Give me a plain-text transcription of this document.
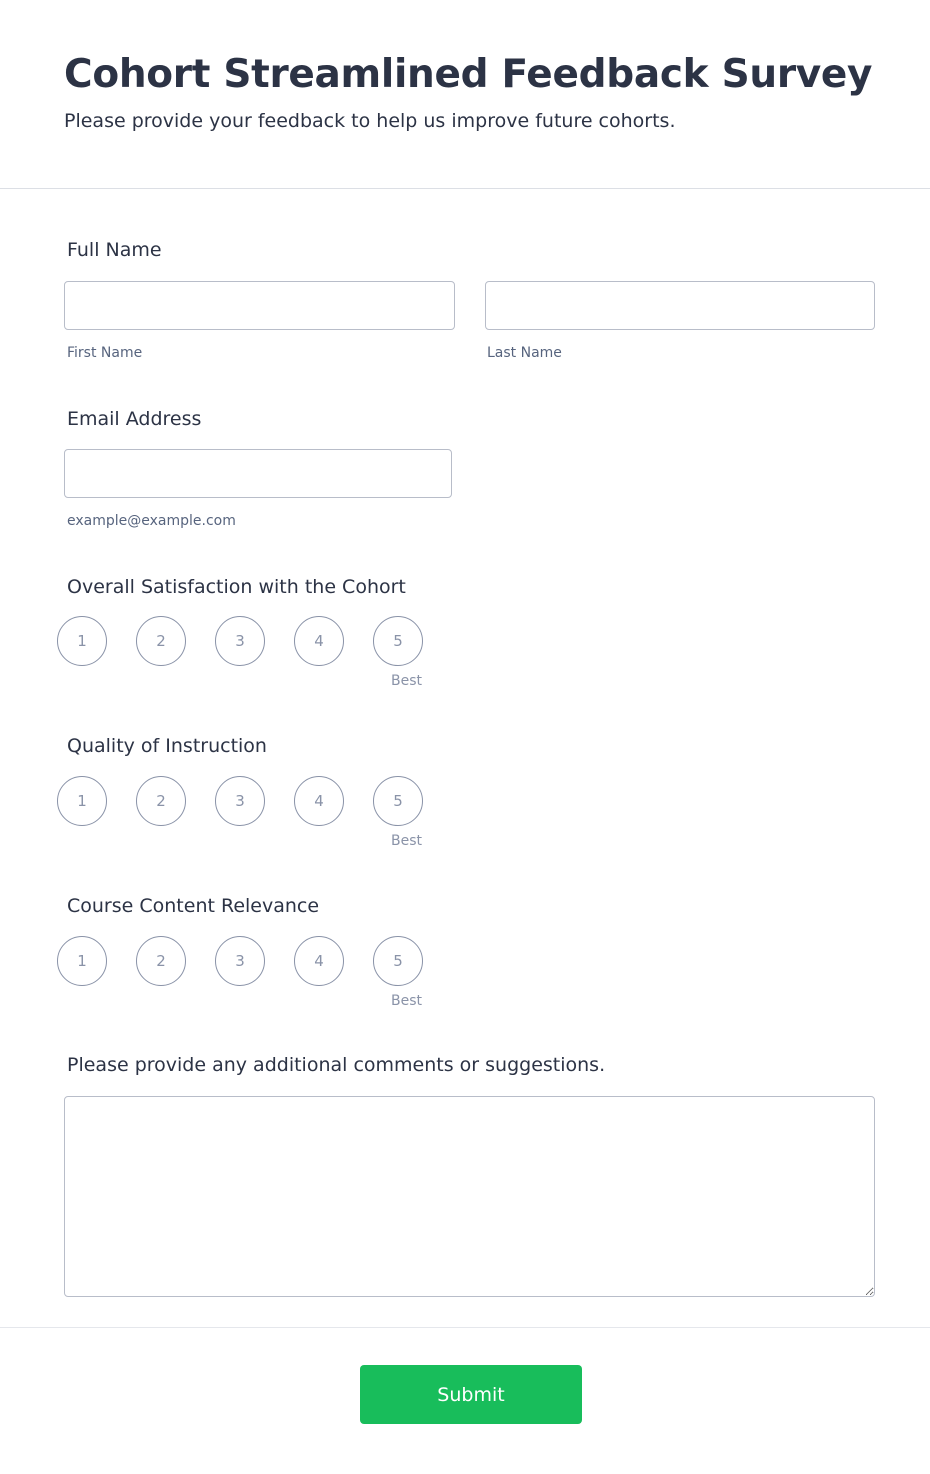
Cohort Streamlined Feedback Survey

Please provide your feedback to help us improve future cohorts.

Full Name
First Name	Last Name
Email Address
example@example.com
Overall Satisfaction with the Cohort
1	2	3	4	5
Best
Quality of Instruction
1	2	3	4	5
Best
Course Content Relevance
1	2	3	4	5
Best
Please provide any additional comments or suggestions.
Submit
